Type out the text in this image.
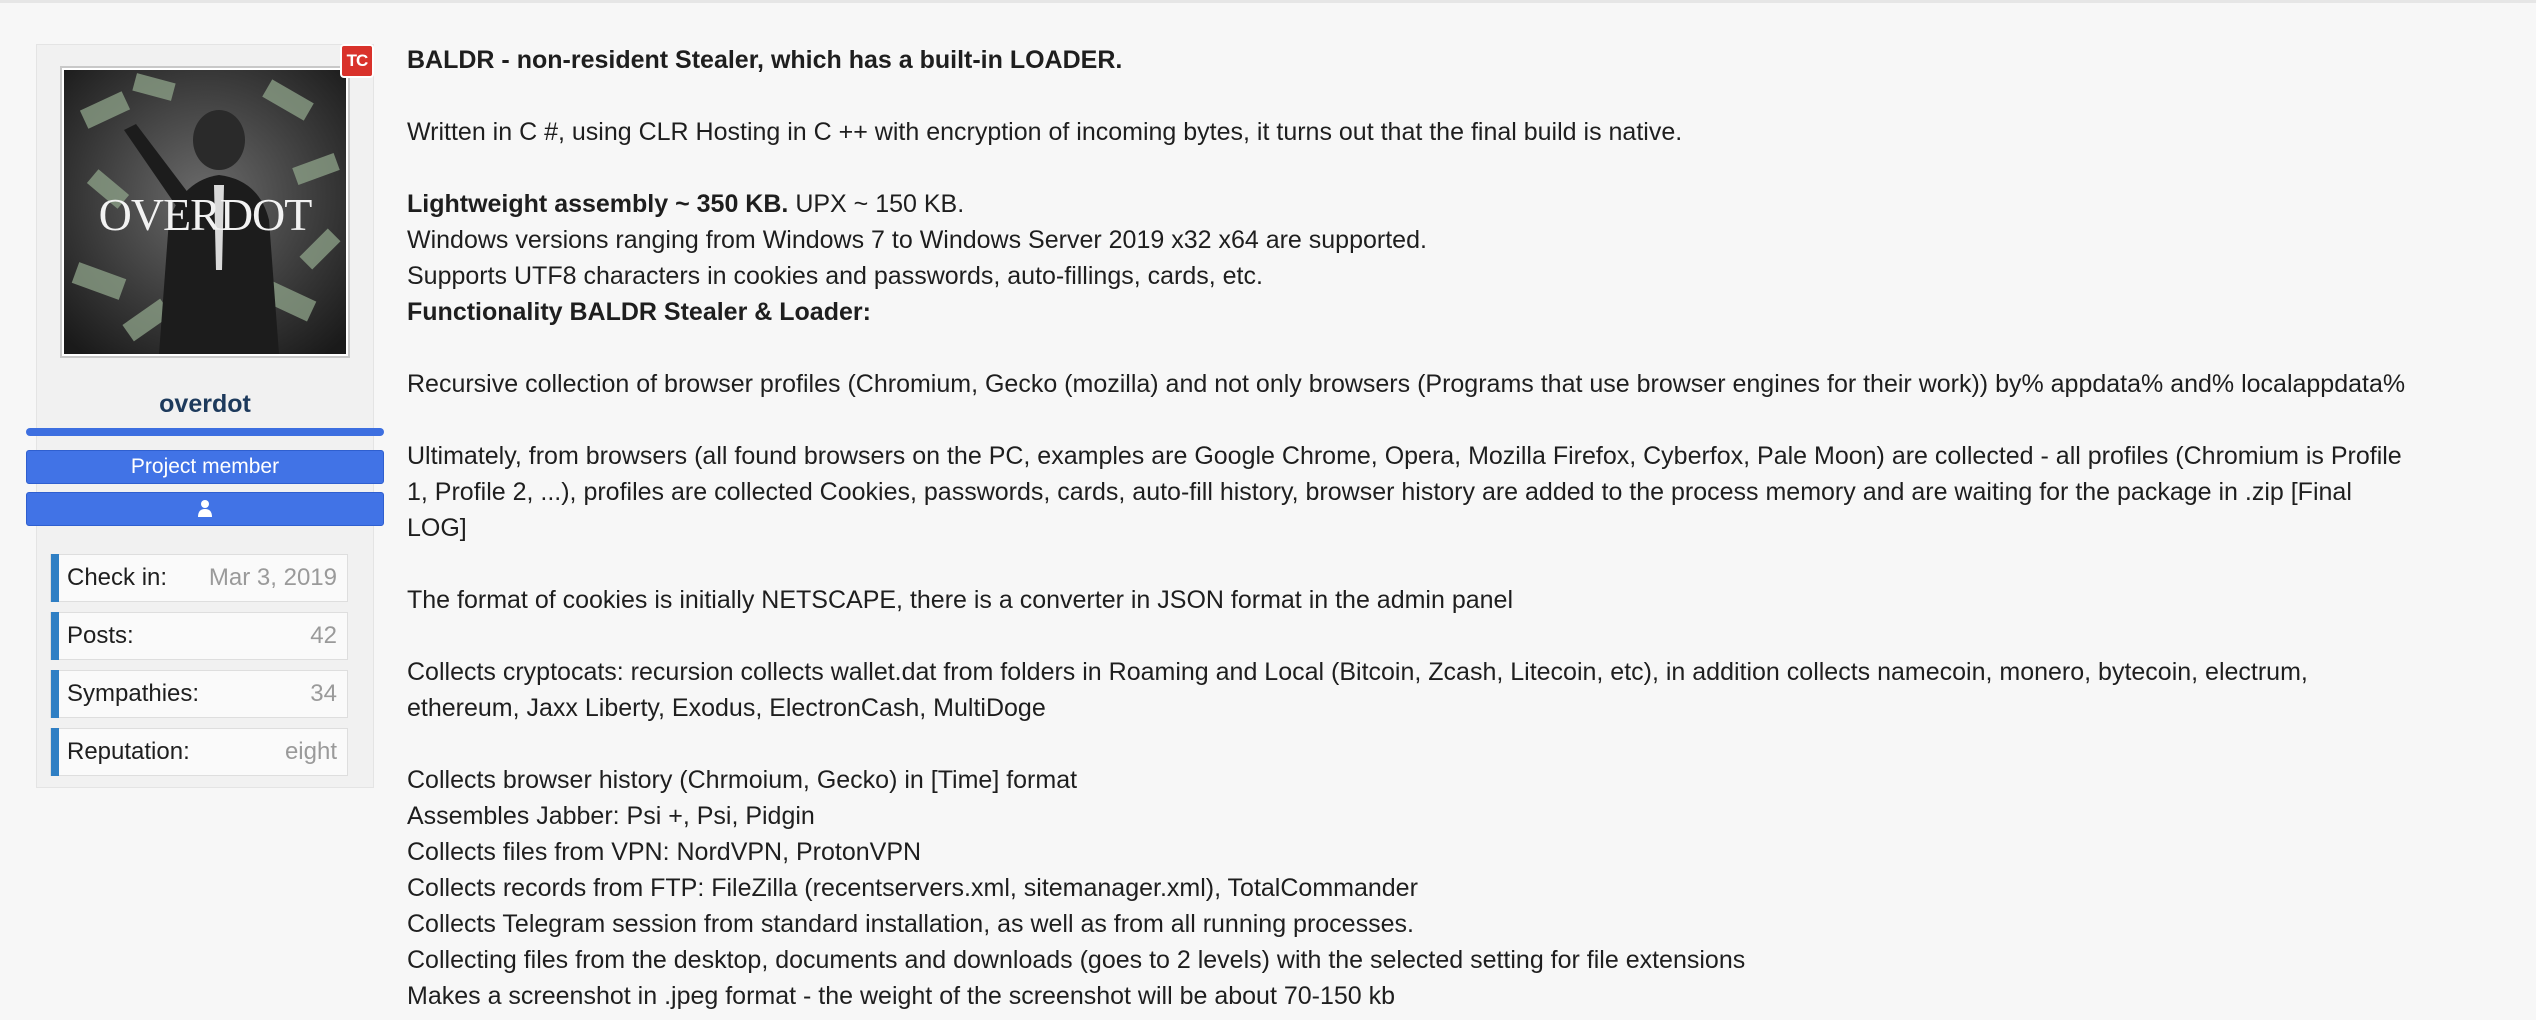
OVERDOT
TC
overdot
Project member
Check in: Mar 3, 2019
Posts:	42
Sympathies:	34
Reputation:	eight
BALDR - non-resident Stealer, which has a built-in LOADER.
Written in C #, using CLR Hosting in C ++ with encryption of incoming bytes, it turns out that the final build is native.
Lightweight assembly ~ 350 KB. UPX ~ 150 KB.
Windows versions ranging from Windows 7 to Windows Server 2019 x32 x64 are supported.
Supports UTF8 characters in cookies and passwords, auto-fillings, cards, etc.
Functionality BALDR Stealer & Loader:
Recursive collection of browser profiles (Chromium, Gecko (mozilla) and not only browsers (Programs that use browser engines for their work)) by% appdata% and% localappdata%
Ultimately, from browsers (all found browsers on the PC, examples are Google Chrome, Opera, Mozilla Firefox, Cyberfox, Pale Moon) are collected - all profiles (Chromium is Profile
1, Profile 2, ...), profiles are collected Cookies, passwords, cards, auto-fill history, browser history are added to the process memory and are waiting for the package in .zip [Final
LOG]
The format of cookies is initially NETSCAPE, there is a converter in JSON format in the admin panel
Collects cryptocats: recursion collects wallet.dat from folders in Roaming and Local (Bitcoin, Zcash, Litecoin, etc), in addition collects namecoin, monero, bytecoin, electrum,
ethereum, Jaxx Liberty, Exodus, ElectronCash, MultiDoge
Collects browser history (Chrmoium, Gecko) in [Time] format
Assembles Jabber: Psi +, Psi, Pidgin
Collects files from VPN: NordVPN, ProtonVPN
Collects records from FTP: FileZilla (recentservers.xml, sitemanager.xml), TotalCommander
Collects Telegram session from standard installation, as well as from all running processes.
Collecting files from the desktop, documents and downloads (goes to 2 levels) with the selected setting for file extensions
Makes a screenshot in .jpeg format - the weight of the screenshot will be about 70-150 kb
